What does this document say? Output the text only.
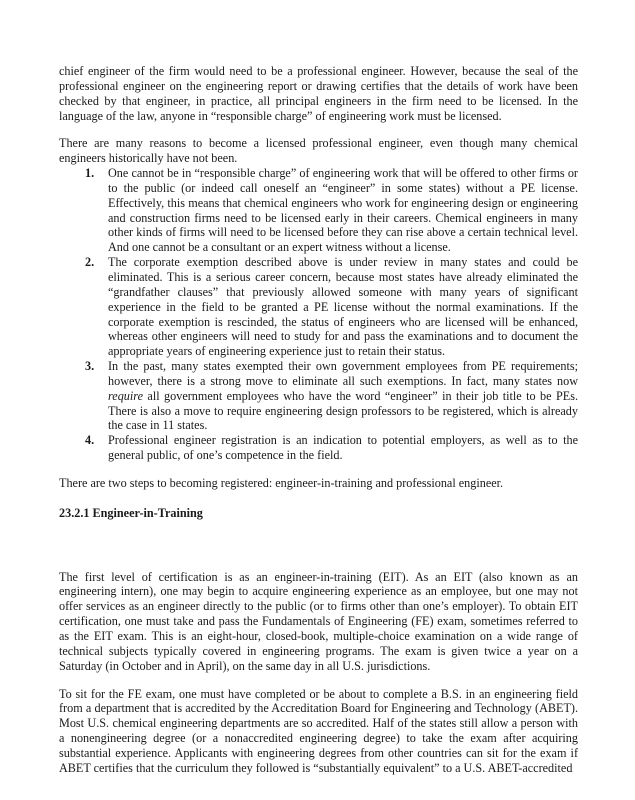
chief engineer of the firm would need to be a professional engineer. However, because the seal of the professional engineer on the engineering report or drawing certifies that the details of work have been checked by that engineer, in practice, all principal engineers in the firm need to be licensed. In the language of the law, anyone in “responsible charge” of engineering work must be licensed.

There are many reasons to become a licensed professional engineer, even though many chemical engineers historically have not been.

1. One cannot be in “responsible charge” of engineering work that will be offered to other firms or to the public (or indeed call oneself an “engineer” in some states) without a PE license. Effectively, this means that chemical engineers who work for engineering design or engineering and construction firms need to be licensed early in their careers. Chemical engineers in many other kinds of firms will need to be licensed before they can rise above a certain technical level. And one cannot be a consultant or an expert witness without a license.
2. The corporate exemption described above is under review in many states and could be eliminated. This is a serious career concern, because most states have already eliminated the “grandfather clauses” that previously allowed someone with many years of significant experience in the field to be granted a PE license without the normal examinations. If the corporate exemption is rescinded, the status of engineers who are licensed will be enhanced, whereas other engineers will need to study for and pass the examinations and to document the appropriate years of engineering experience just to retain their status.
3. In the past, many states exempted their own government employees from PE requirements; however, there is a strong move to eliminate all such exemptions. In fact, many states now require all government employees who have the word “engineer” in their job title to be PEs. There is also a move to require engineering design professors to be registered, which is already the case in 11 states.
4. Professional engineer registration is an indication to potential employers, as well as to the general public, of one’s competence in the field.

There are two steps to becoming registered: engineer-in-training and professional engineer.

23.2.1 Engineer-in-Training

The first level of certification is as an engineer-in-training (EIT). As an EIT (also known as an engineering intern), one may begin to acquire engineering experience as an employee, but one may not offer services as an engineer directly to the public (or to firms other than one’s employer). To obtain EIT certification, one must take and pass the Fundamentals of Engineering (FE) exam, sometimes referred to as the EIT exam. This is an eight-hour, closed-book, multiple-choice examination on a wide range of technical subjects typically covered in engineering programs. The exam is given twice a year on a Saturday (in October and in April), on the same day in all U.S. jurisdictions.

To sit for the FE exam, one must have completed or be about to complete a B.S. in an engineering field from a department that is accredited by the Accreditation Board for Engineering and Technology (ABET). Most U.S. chemical engineering departments are so accredited. Half of the states still allow a person with a nonengineering degree (or a nonaccredited engineering degree) to take the exam after acquiring substantial experience. Applicants with engineering degrees from other countries can sit for the exam if ABET certifies that the curriculum they followed is “substantially equivalent” to a U.S. ABET-accredited
